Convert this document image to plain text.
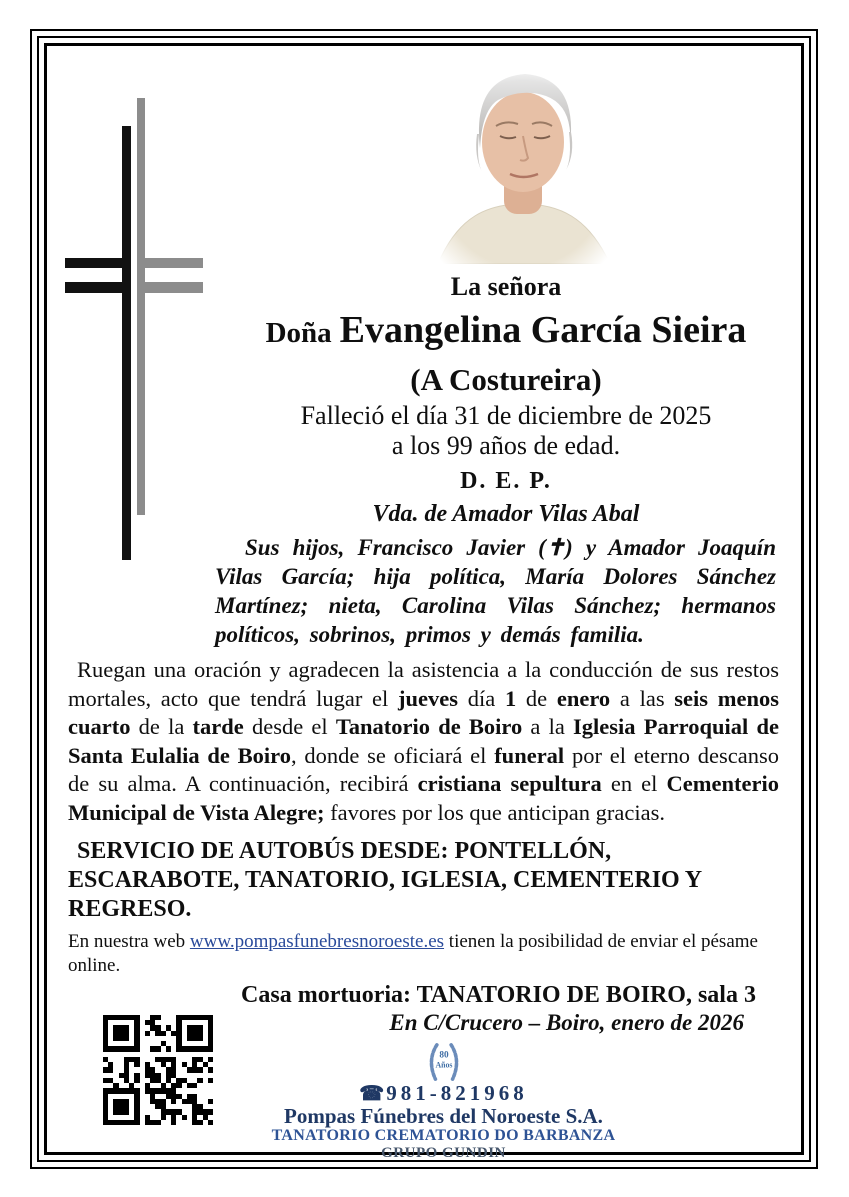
La señora
Doña Evangelina García Sieira
(A Costureira)
Falleció el día 31 de diciembre de 2025
a los 99 años de edad.
D. E. P.
Vda. de Amador Vilas Abal
Sus hijos, Francisco Javier (✝) y Amador Joaquín Vilas García; hija política, María Dolores Sánchez Martínez; nieta, Carolina Vilas Sánchez; hermanos políticos, sobrinos, primos y demás familia.
Ruegan una oración y agradecen la asistencia a la conducción de sus restos mortales, acto que tendrá lugar el jueves día 1 de enero a las seis menos cuarto de la tarde desde el Tanatorio de Boiro a la Iglesia Parroquial de Santa Eulalia de Boiro, donde se oficiará el funeral por el eterno descanso de su alma. A continuación, recibirá cristiana sepultura en el Cementerio Municipal de Vista Alegre; favores por los que anticipan gracias.
SERVICIO DE AUTOBÚS DESDE: PONTELLÓN, ESCARABOTE, TANATORIO, IGLESIA, CEMENTERIO Y REGRESO.
En nuestra web www.pompasfunebresnoroeste.es tienen la posibilidad de enviar el pésame online.
Casa mortuoria: TANATORIO DE BOIRO, sala 3
En C/Crucero – Boiro, enero de 2026
80
Años
☎981-821968
Pompas Fúnebres del Noroeste S.A.
TANATORIO CREMATORIO DO BARBANZA
GRUPO GUNDIN
